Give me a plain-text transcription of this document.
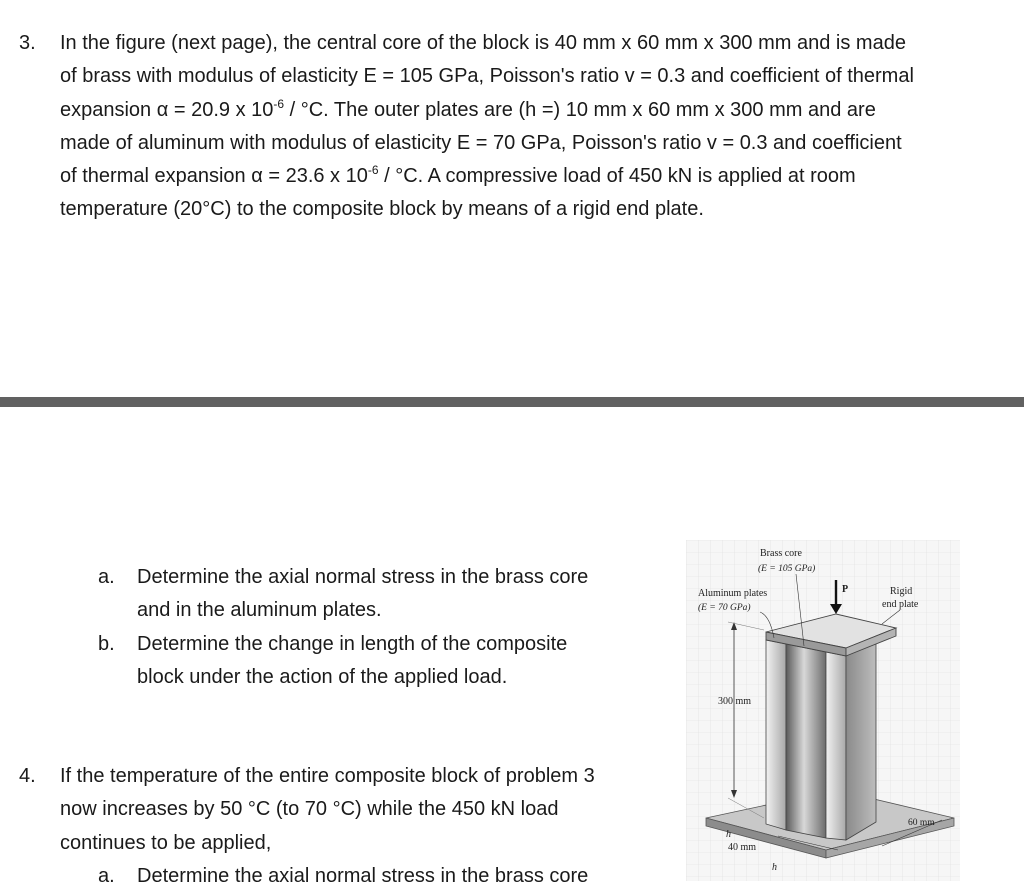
3. In the figure (next page), the central core of the block is 40 mm x 60 mm x 300 mm and is made
of brass with modulus of elasticity E = 105 GPa, Poisson's ratio v = 0.3 and coefficient of thermal
expansion α = 20.9 x $10^{-6} / ^\circ C$. The outer plates are (h =) 10 mm x 60 mm x 300 mm and are
made of aluminum with modulus of elasticity E = 70 GPa, Poisson's ratio v = 0.3 and coefficient
of thermal expansion α = 23.6 x $10^{-6} / ^\circ C$. A compressive load of 450 kN is applied at room
temperature (20°C) to the composite block by means of a rigid end plate.
a. Determine the axial normal stress in the brass core
and in the aluminum plates.
b. Determine the change in length of the composite
block under the action of the applied load.
4. If the temperature of the entire composite block of problem 3
now increases by 50 °C (to 70 °C) while the 450 kN load
continues to be applied,
a. Determine the axial normal stress in the brass core
P
300 mm
Brass core
(E = 105 GPa)
Aluminum plates
(E = 70 GPa)
Rigid
end plate
h
40 mm
h
60 mm
